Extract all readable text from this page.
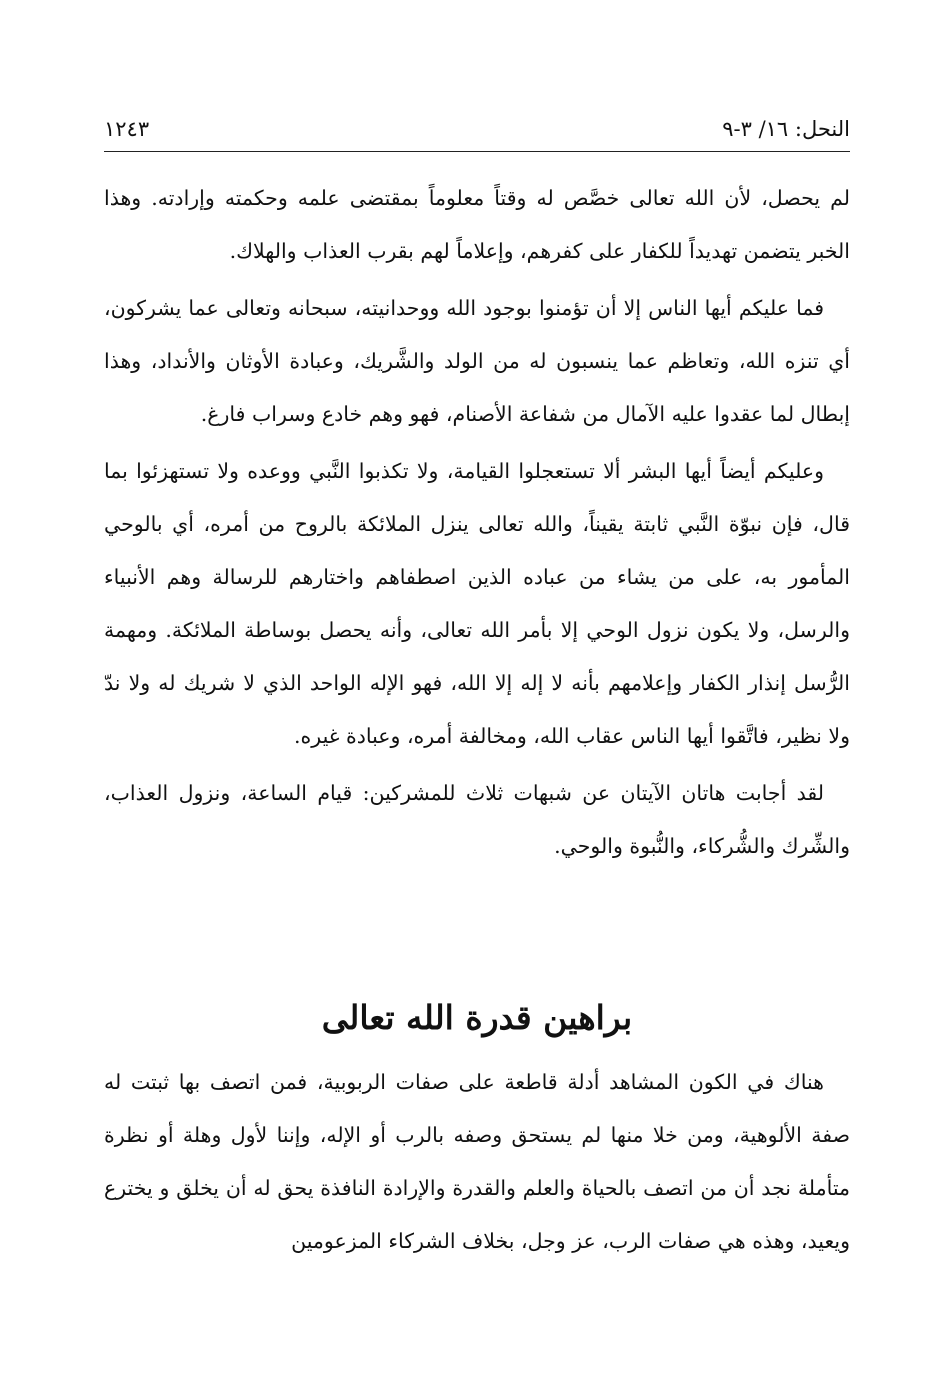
النحل: ١٦/ ٣-٩
١٢٤٣

لم يحصل، لأن الله تعالى خصَّص له وقتاً معلوماً بمقتضى علمه وحكمته وإرادته. وهذا الخبر يتضمن تهديداً للكفار على كفرهم، وإعلاماً لهم بقرب العذاب والهلاك.

فما عليكم أيها الناس إلا أن تؤمنوا بوجود الله ووحدانيته، سبحانه وتعالى عما يشركون، أي تنزه الله، وتعاظم عما ينسبون له من الولد والشَّريك، وعبادة الأوثان والأنداد، وهذا إبطال لما عقدوا عليه الآمال من شفاعة الأصنام، فهو وهم خادع وسراب فارغ.

وعليكم أيضاً أيها البشر ألا تستعجلوا القيامة، ولا تكذبوا النَّبي ووعده ولا تستهزئوا بما قال، فإن نبوّة النَّبي ثابتة يقيناً، والله تعالى ينزل الملائكة بالروح من أمره، أي بالوحي المأمور به، على من يشاء من عباده الذين اصطفاهم واختارهم للرسالة وهم الأنبياء والرسل، ولا يكون نزول الوحي إلا بأمر الله تعالى، وأنه يحصل بوساطة الملائكة. ومهمة الرُّسل إنذار الكفار وإعلامهم بأنه لا إله إلا الله، فهو الإله الواحد الذي لا شريك له ولا ندّ ولا نظير، فاتَّقوا أيها الناس عقاب الله، ومخالفة أمره، وعبادة غيره.

لقد أجابت هاتان الآيتان عن شبهات ثلاث للمشركين: قيام الساعة، ونزول العذاب، والشِّرك والشُّركاء، والنُّبوة والوحي.

براهين قدرة الله تعالى

هناك في الكون المشاهد أدلة قاطعة على صفات الربوبية، فمن اتصف بها ثبتت له صفة الألوهية، ومن خلا منها لم يستحق وصفه بالرب أو الإله، وإننا لأول وهلة أو نظرة متأملة نجد أن من اتصف بالحياة والعلم والقدرة والإرادة النافذة يحق له أن يخلق و يخترع ويعيد، وهذه هي صفات الرب، عز وجل، بخلاف الشركاء المزعومين
